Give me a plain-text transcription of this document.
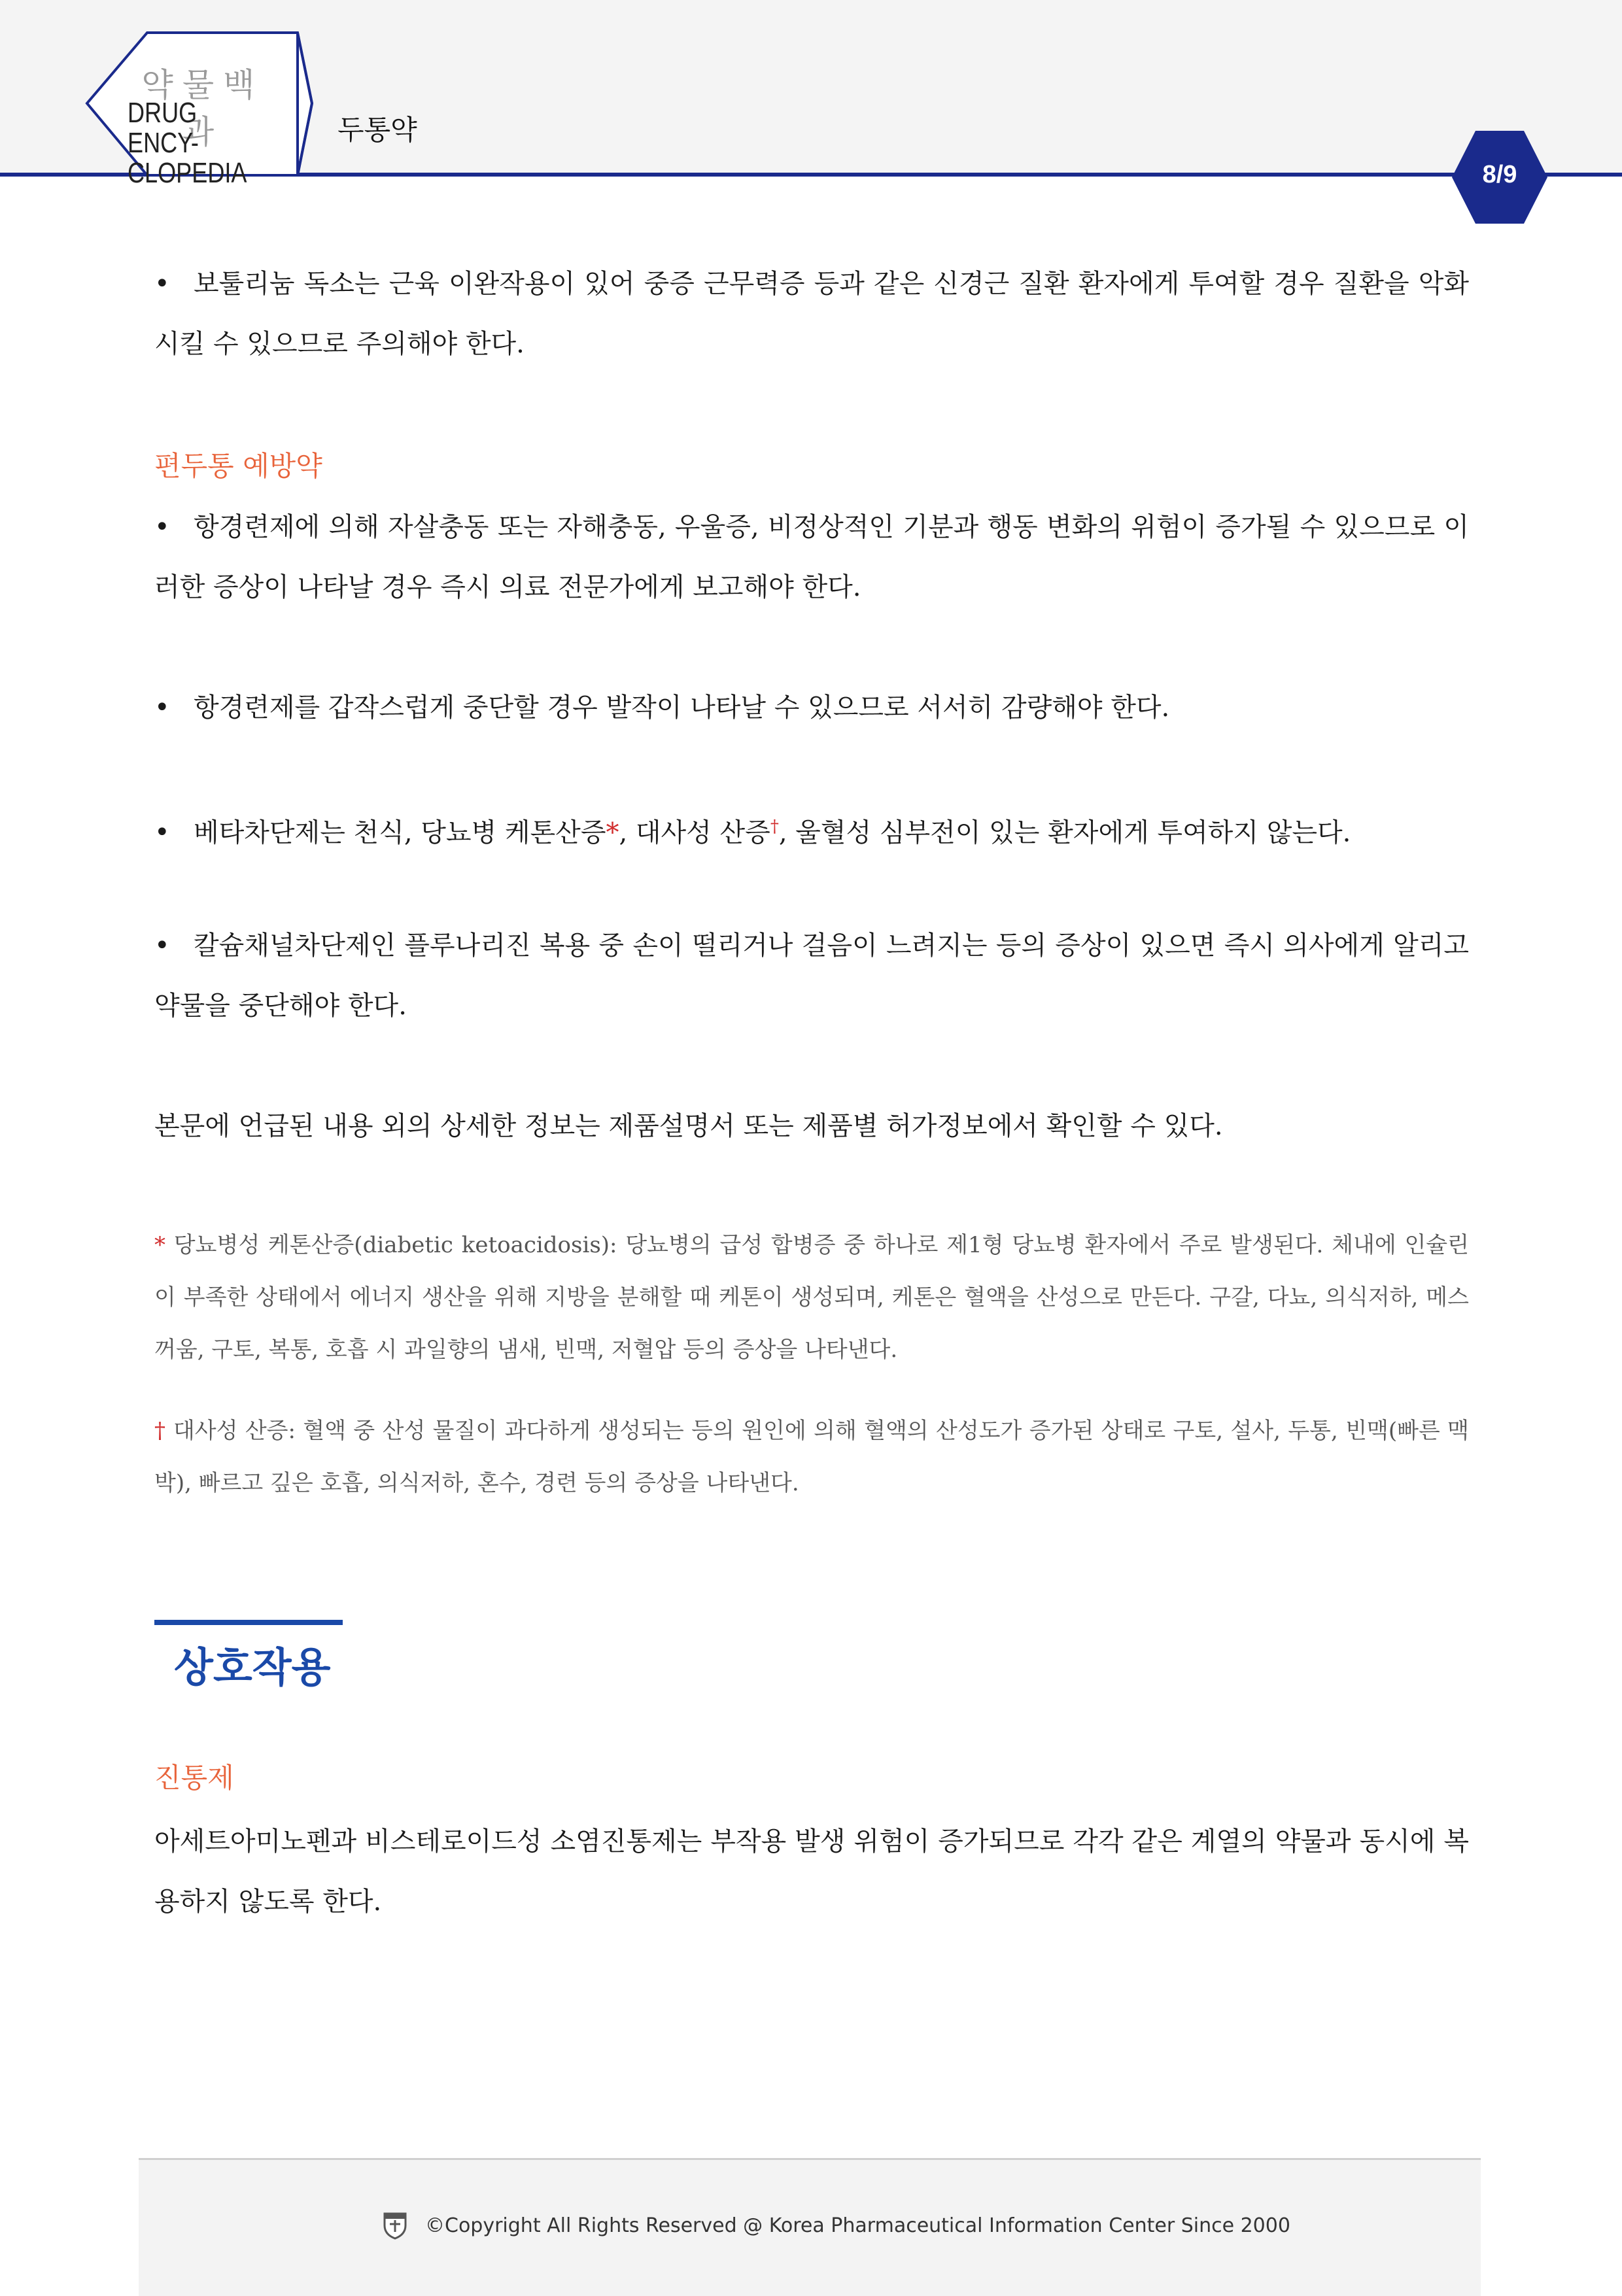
약물백과
DRUG ENCY-
CLOPEDIA
두통약
8/9
• 보툴리눔 독소는 근육 이완작용이 있어 중증 근무력증 등과 같은 신경근 질환 환자에게 투여할 경우 질환을 악화시킬 수 있으므로 주의해야 한다.
편두통 예방약
• 항경련제에 의해 자살충동 또는 자해충동, 우울증, 비정상적인 기분과 행동 변화의 위험이 증가될 수 있으므로 이러한 증상이 나타날 경우 즉시 의료 전문가에게 보고해야 한다.
• 항경련제를 갑작스럽게 중단할 경우 발작이 나타날 수 있으므로 서서히 감량해야 한다.
• 베타차단제는 천식, 당뇨병 케톤산증*, 대사성 산증†, 울혈성 심부전이 있는 환자에게 투여하지 않는다.
• 칼슘채널차단제인 플루나리진 복용 중 손이 떨리거나 걸음이 느려지는 등의 증상이 있으면 즉시 의사에게 알리고 약물을 중단해야 한다.
본문에 언급된 내용 외의 상세한 정보는 제품설명서 또는 제품별 허가정보에서 확인할 수 있다.
* 당뇨병성 케톤산증(diabetic ketoacidosis): 당뇨병의 급성 합병증 중 하나로 제1형 당뇨병 환자에서 주로 발생된다. 체내에 인슐린이 부족한 상태에서 에너지 생산을 위해 지방을 분해할 때 케톤이 생성되며, 케톤은 혈액을 산성으로 만든다. 구갈, 다뇨, 의식저하, 메스꺼움, 구토, 복통, 호흡 시 과일향의 냄새, 빈맥, 저혈압 등의 증상을 나타낸다.
† 대사성 산증: 혈액 중 산성 물질이 과다하게 생성되는 등의 원인에 의해 혈액의 산성도가 증가된 상태로 구토, 설사, 두통, 빈맥(빠른 맥박), 빠르고 깊은 호흡, 의식저하, 혼수, 경련 등의 증상을 나타낸다.
상호작용
진통제
아세트아미노펜과 비스테로이드성 소염진통제는 부작용 발생 위험이 증가되므로 각각 같은 계열의 약물과 동시에 복용하지 않도록 한다.
©Copyright All Rights Reserved @ Korea Pharmaceutical Information Center Since 2000
